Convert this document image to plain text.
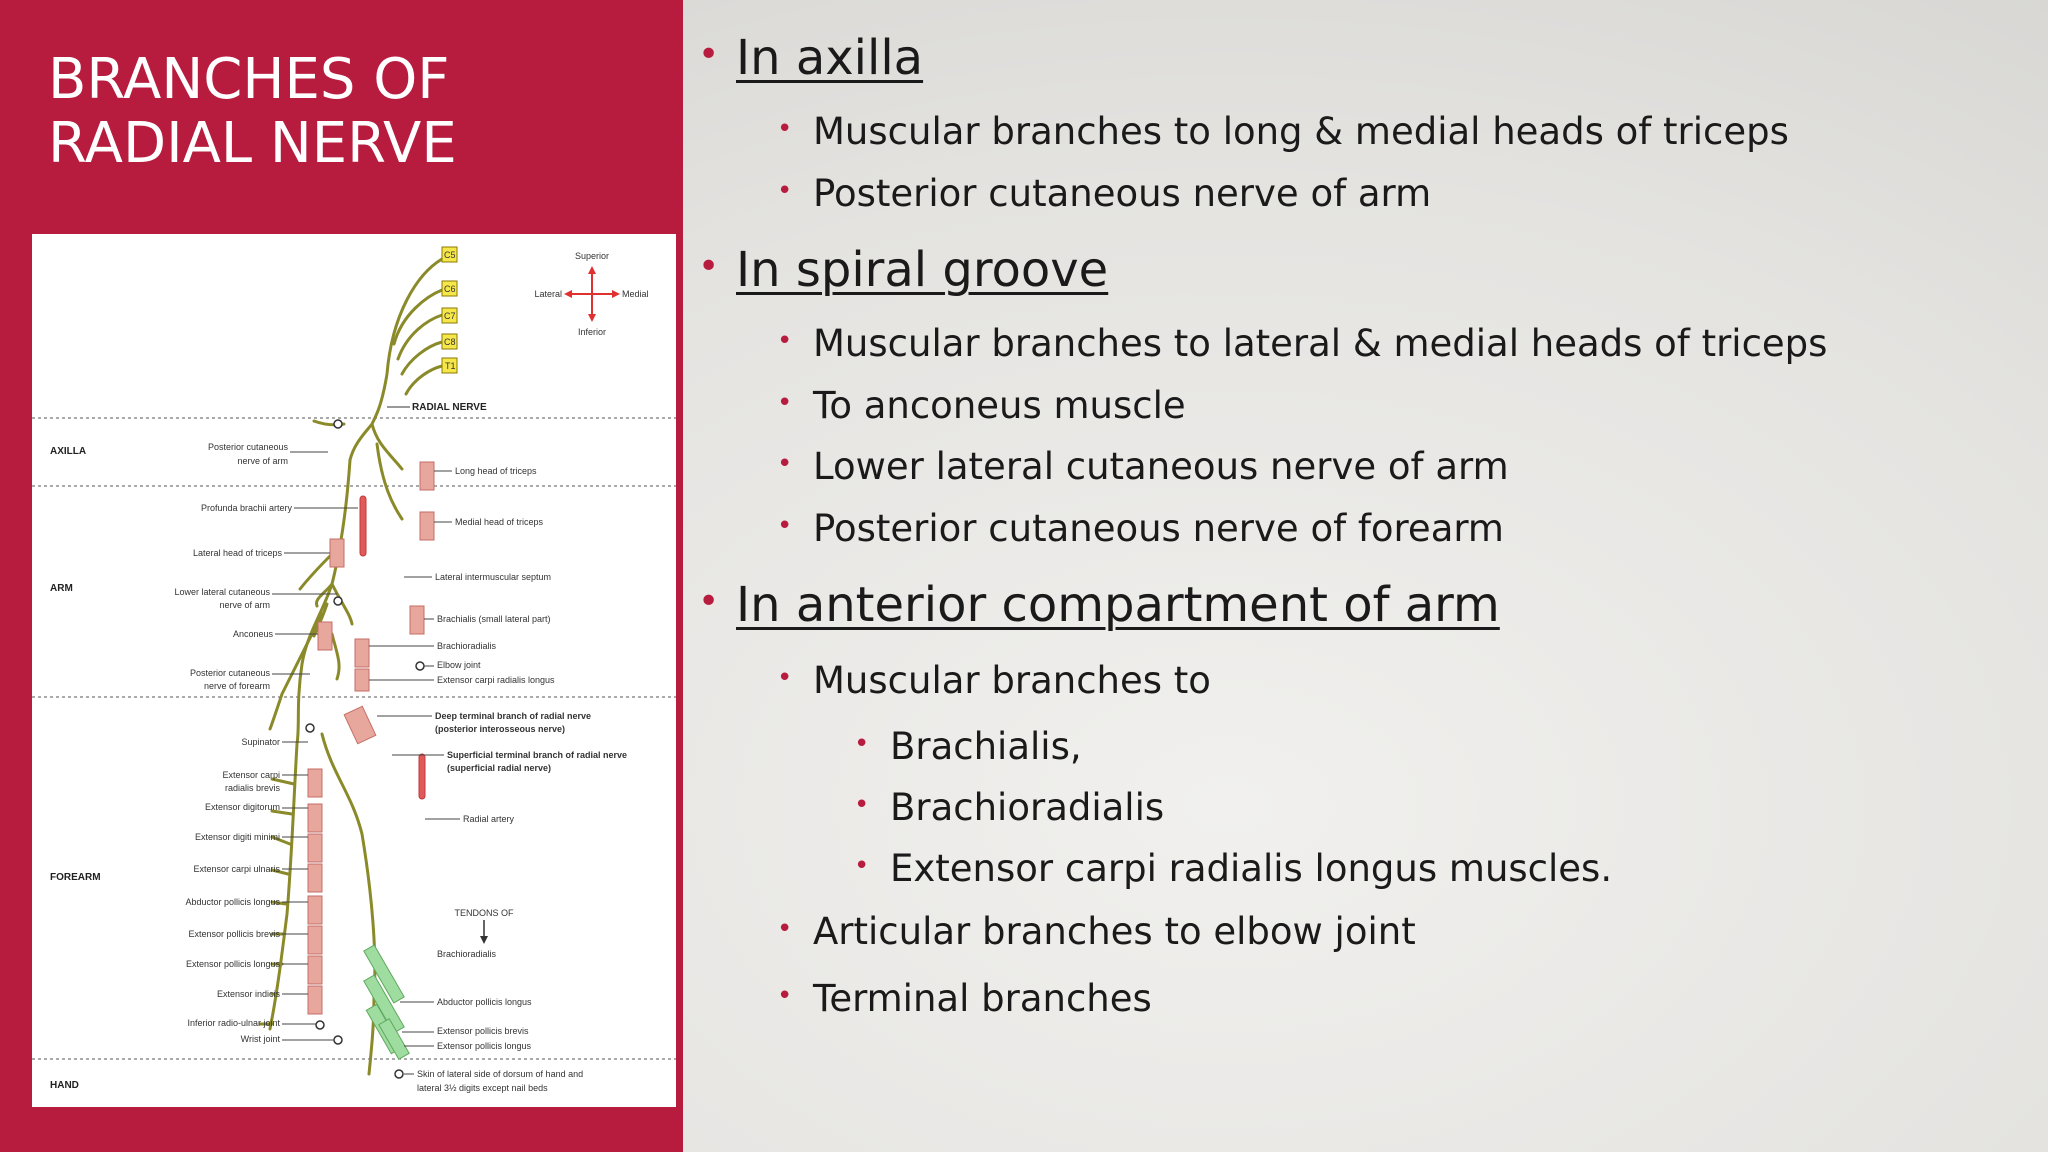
BRANCHES OF
RADIAL NERVE
AXILLA
ARM
FOREARM
HAND
C5
C6
C7
C8
T1
Superior
Lateral	Medial
Inferior
RADIAL NERVE
Posterior cutaneous
nerve of arm
Profunda brachii artery
Lateral head of triceps
Lower lateral cutaneous
nerve of arm
Anconeus
Posterior cutaneous
nerve of forearm
Supinator
Extensor carpi
radialis brevis
Extensor digitorum
Extensor digiti minimi
Extensor carpi ulnaris
Abductor pollicis longus
Extensor pollicis brevis
Extensor pollicis longus
Extensor indicis
Inferior radio-ulnar joint
Wrist joint
Long head of triceps
Medial head of triceps
Lateral intermuscular septum
Brachialis (small lateral part)
Brachioradialis
Elbow joint
Extensor carpi radialis longus
Deep terminal branch of radial nerve
(posterior interosseous nerve)
Superficial terminal branch of radial nerve
(superficial radial nerve)
Radial artery
TENDONS OF
Brachioradialis
Abductor pollicis longus
Extensor pollicis brevis
Extensor pollicis longus
Skin of lateral side of dorsum of hand and
lateral 3½ digits except nail beds
• In axilla
• Muscular branches to long & medial heads of triceps
• Posterior cutaneous nerve of arm
• In spiral groove
• Muscular branches to lateral & medial heads of triceps
• To anconeus muscle
• Lower lateral cutaneous nerve of arm
• Posterior cutaneous nerve of forearm
• In anterior compartment of arm
• Muscular branches to
• Brachialis,
• Brachioradialis
• Extensor carpi radialis longus muscles.
• Articular branches to elbow joint
• Terminal branches
